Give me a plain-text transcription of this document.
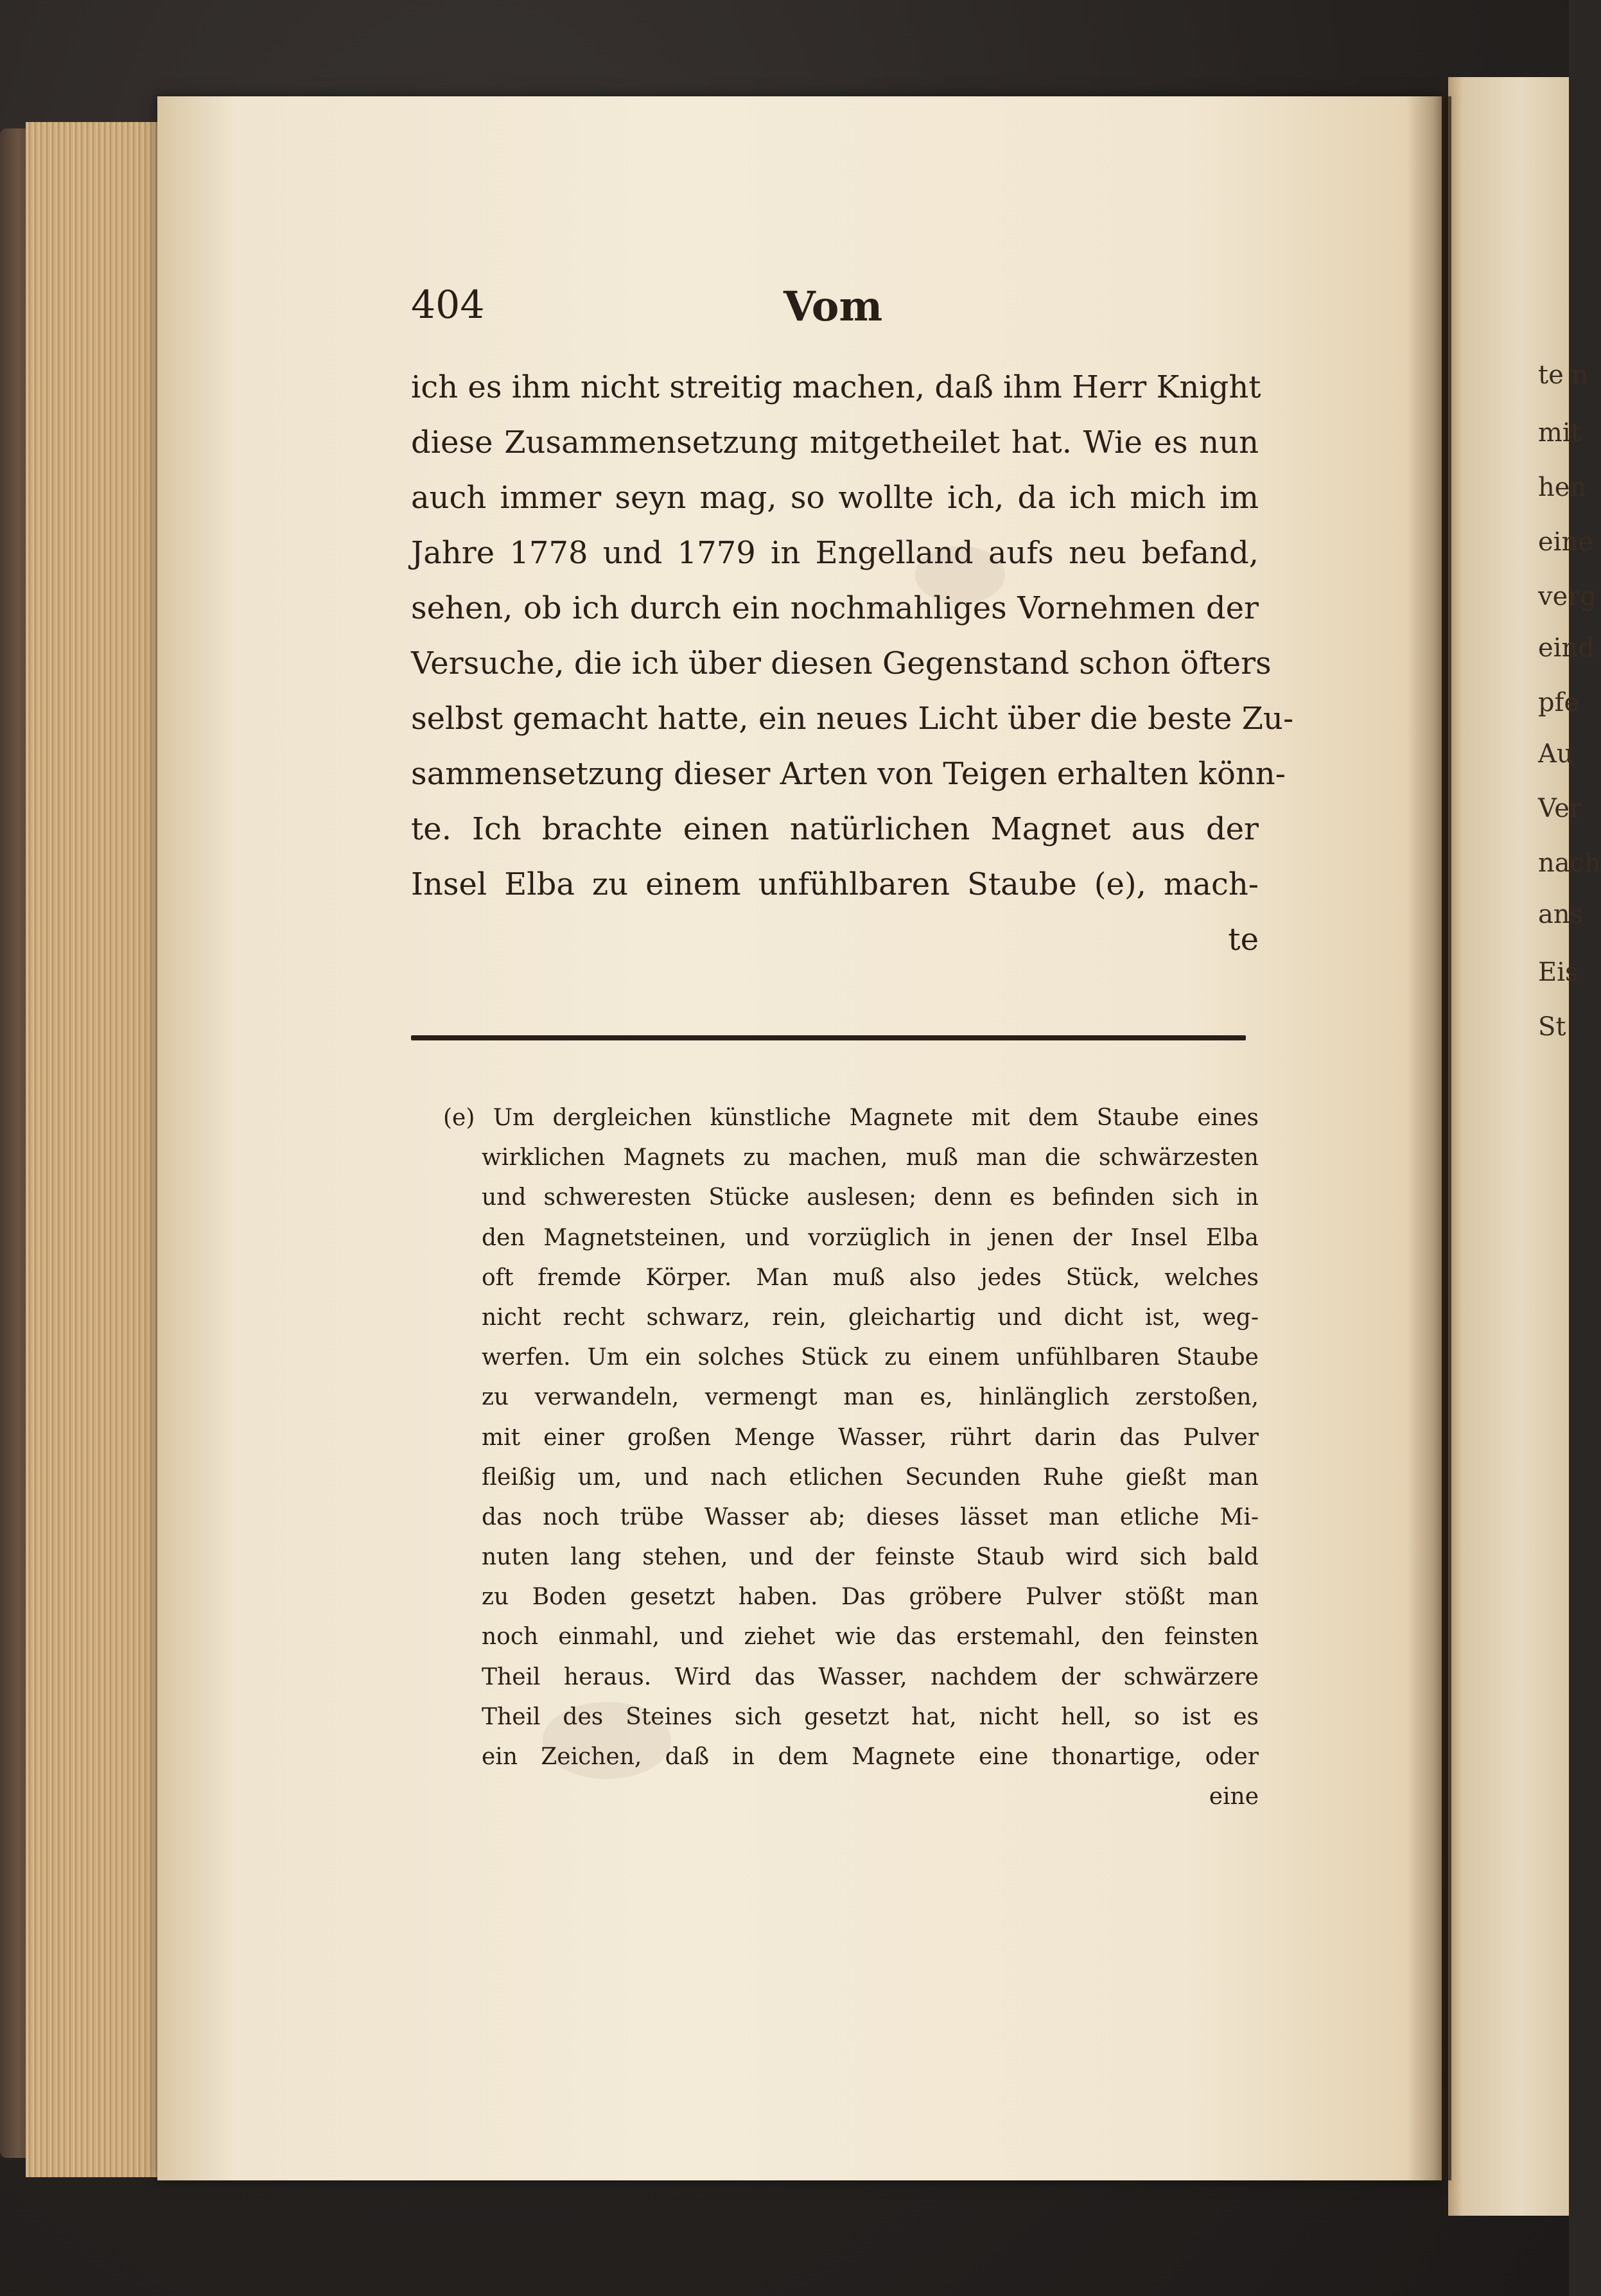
404	Vom
ich es ihm nicht streitig machen, daß ihm Herr Knight
diese Zusammensetzung mitgetheilet hat. Wie es nun
auch immer seyn mag, so wollte ich, da ich mich im
Jahre 1778 und 1779 in Engelland aufs neu befand,
sehen, ob ich durch ein nochmahliges Vornehmen der
Versuche, die ich über diesen Gegenstand schon öfters
selbst gemacht hatte, ein neues Licht über die beste Zu-
sammensetzung dieser Arten von Teigen erhalten könn-
te. Ich brachte einen natürlichen Magnet aus der
Insel Elba zu einem unfühlbaren Staube (e), mach-
te
(e) Um dergleichen künstliche Magnete mit dem Staube eines
wirklichen Magnets zu machen, muß man die schwärzesten
und schweresten Stücke auslesen; denn es befinden sich in
den Magnetsteinen, und vorzüglich in jenen der Insel Elba
oft fremde Körper. Man muß also jedes Stück, welches
nicht recht schwarz, rein, gleichartig und dicht ist, weg-
werfen. Um ein solches Stück zu einem unfühlbaren Staube
zu verwandeln, vermengt man es, hinlänglich zerstoßen,
mit einer großen Menge Wasser, rührt darin das Pulver
fleißig um, und nach etlichen Secunden Ruhe gießt man
das noch trübe Wasser ab; dieses lässet man etliche Mi-
nuten lang stehen, und der feinste Staub wird sich bald
zu Boden gesetzt haben. Das gröbere Pulver stößt man
noch einmahl, und ziehet wie das erstemahl, den feinsten
Theil heraus. Wird das Wasser, nachdem der schwärzere
Theil des Steines sich gesetzt hat, nicht hell, so ist es
ein Zeichen, daß in dem Magnete eine thonartige, oder
eine
te n
mit
hen
eine
verg
eind
pfe
Au
Ver
nach
ans
Eis
St
